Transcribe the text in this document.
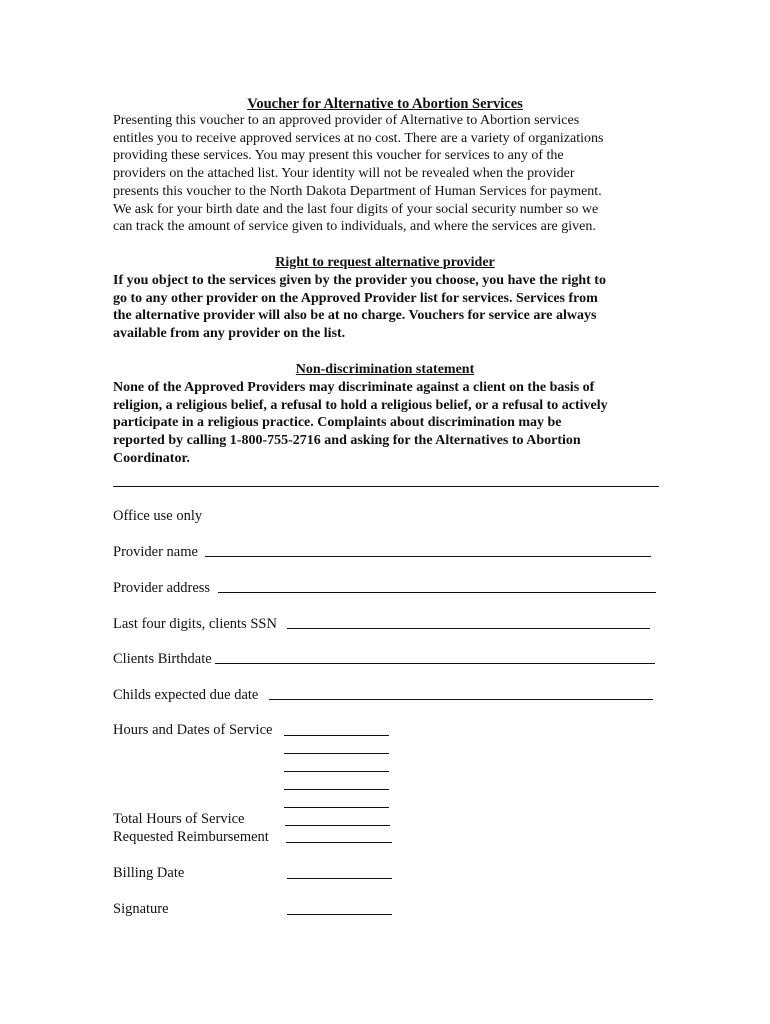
Voucher for Alternative to Abortion Services
Presenting this voucher to an approved provider of Alternative to Abortion services
entitles you to receive approved services at no cost. There are a variety of organizations
providing these services. You may present this voucher for services to any of the
providers on the attached list. Your identity will not be revealed when the provider
presents this voucher to the North Dakota Department of Human Services for payment.
We ask for your birth date and the last four digits of your social security number so we
can track the amount of service given to individuals, and where the services are given.
Right to request alternative provider
If you object to the services given by the provider you choose, you have the right to
go to any other provider on the Approved Provider list for services. Services from
the alternative provider will also be at no charge. Vouchers for service are always
available from any provider on the list.
Non-discrimination statement
None of the Approved Providers may discriminate against a client on the basis of
religion, a religious belief, a refusal to hold a religious belief, or a refusal to actively
participate in a religious practice. Complaints about discrimination may be
reported by calling 1-800-755-2716 and asking for the Alternatives to Abortion
Coordinator.
Office use only
Provider name
Provider address
Last four digits, clients SSN
Clients Birthdate
Childs expected due date
Hours and Dates of Service
Total Hours of Service
Requested Reimbursement
Billing Date
Signature
